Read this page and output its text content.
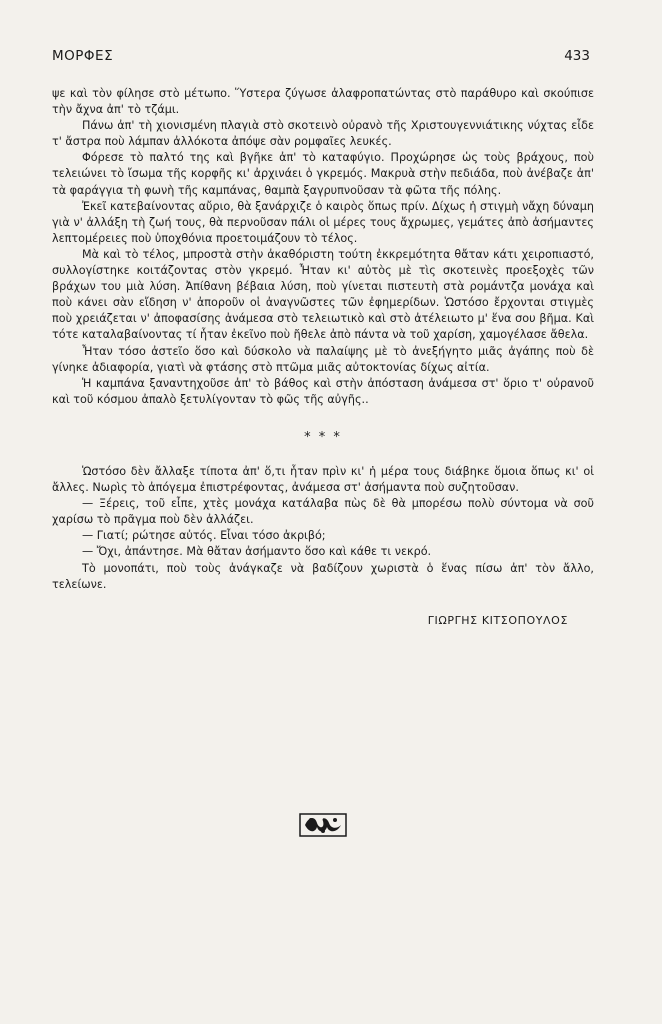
ΜΟΡΦΕΣ	433

ψε καὶ τὸν φίλησε στὸ μέτωπο. Ὕστερα ζύγωσε ἀλαφροπατώντας στὸ παράθυρο καὶ σκούπισε τὴν ἄχνα ἀπ' τὸ τζάμι.

Πάνω ἀπ' τὴ χιονισμένη πλαγιὰ στὸ σκοτεινὸ οὐρανὸ τῆς Χριστουγεννιάτικης νύχτας εἶδε τ' ἄστρα ποὺ λάμπαν ἀλλόκοτα ἀπόψε σὰν ρομφαῖες λευκές.

Φόρεσε τὸ παλτό της καὶ βγῆκε ἀπ' τὸ καταφύγιο. Προχώρησε ὡς τοὺς βράχους, ποὺ τελειώνει τὸ ἴσωμα τῆς κορφῆς κι' ἀρχινάει ὁ γκρεμός. Μακρυὰ στὴν πεδιάδα, ποὺ ἀνέβαζε ἀπ' τὰ φαράγγια τὴ φωνὴ τῆς καμπάνας, θαμπὰ ξαγρυπνοῦσαν τὰ φῶτα τῆς πόλης.

Ἐκεῖ κατεβαίνοντας αὔριο, θὰ ξανάρχιζε ὁ καιρὸς ὅπως πρίν. Δίχως ἡ στιγμὴ νἄχη δύναμη γιὰ ν' ἀλλάξη τὴ ζωή τους, θὰ περνοῦσαν πάλι οἱ μέρες τους ἄχρωμες, γεμάτες ἀπὸ ἀσήμαντες λεπτομέρειες ποὺ ὑποχθόνια προετοιμάζουν τὸ τέλος.

Μὰ καὶ τὸ τέλος, μπροστὰ στὴν ἀκαθόριστη τούτη ἐκκρεμότητα θἄταν κάτι χειροπιαστό, συλλογίστηκε κοιτάζοντας στὸν γκρεμό. Ἦταν κι' αὐτὸς μὲ τὶς σκοτεινὲς προεξοχὲς τῶν βράχων του μιὰ λύση. Ἀπίθανη βέβαια λύση, ποὺ γίνεται πιστευτὴ στὰ ρομάντζα μονάχα καὶ ποὺ κάνει σὰν εἴδηση ν' ἀποροῦν οἱ ἀναγνῶστες τῶν ἐφημερίδων. Ὡστόσο ἔρχονται στιγμὲς ποὺ χρειάζεται ν' ἀποφασίσης ἀνάμεσα στὸ τελειωτικὸ καὶ στὸ ἀτέλειωτο μ' ἕνα σου βῆμα. Καὶ τότε καταλαβαίνοντας τί ἦταν ἐκεῖνο ποὺ ἤθελε ἀπὸ πάντα νὰ τοῦ χαρίση, χαμογέλασε ἄθελα.

Ἦταν τόσο ἀστεῖο ὅσο καὶ δύσκολο νὰ παλαίψης μὲ τὸ ἀνεξήγητο μιᾶς ἀγάπης ποὺ δὲ γίνηκε ἀδιαφορία, γιατὶ νὰ φτάσης στὸ πτῶμα μιᾶς αὐτοκτονίας δίχως αἰτία.

Ἡ καμπάνα ξαναντηχοῦσε ἀπ' τὸ βάθος καὶ στὴν ἀπόσταση ἀνάμεσα στ' ὅριο τ' οὐρανοῦ καὶ τοῦ κόσμου ἀπαλὸ ξετυλίγονταν τὸ φῶς τῆς αὐγῆς..

* * *

Ὡστόσο δὲν ἄλλαξε τίποτα ἀπ' ὅ,τι ἦταν πρὶν κι' ἡ μέρα τους διάβηκε ὅμοια ὅπως κι' οἱ ἄλλες. Νωρὶς τὸ ἀπόγεμα ἐπιστρέφοντας, ἀνάμεσα στ' ἀσήμαντα ποὺ συζητοῦσαν.

— Ξέρεις, τοῦ εἶπε, χτὲς μονάχα κατάλαβα πὼς δὲ θὰ μπορέσω πολὺ σύντομα νὰ σοῦ χαρίσω τὸ πρᾶγμα ποὺ δὲν ἀλλάζει.

— Γιατί; ρώτησε αὐτός. Εἶναι τόσο ἀκριβό;

— Ὄχι, ἀπάντησε. Μὰ θἄταν ἀσήμαντο ὅσο καὶ κάθε τι νεκρό.

Τὸ μονοπάτι, ποὺ τοὺς ἀνάγκαζε νὰ βαδίζουν χωριστὰ ὁ ἕνας πίσω ἀπ' τὸν ἄλλο, τελείωνε.

ΓΙΩΡΓΗΣ ΚΙΤΣΟΠΟΥΛΟΣ
